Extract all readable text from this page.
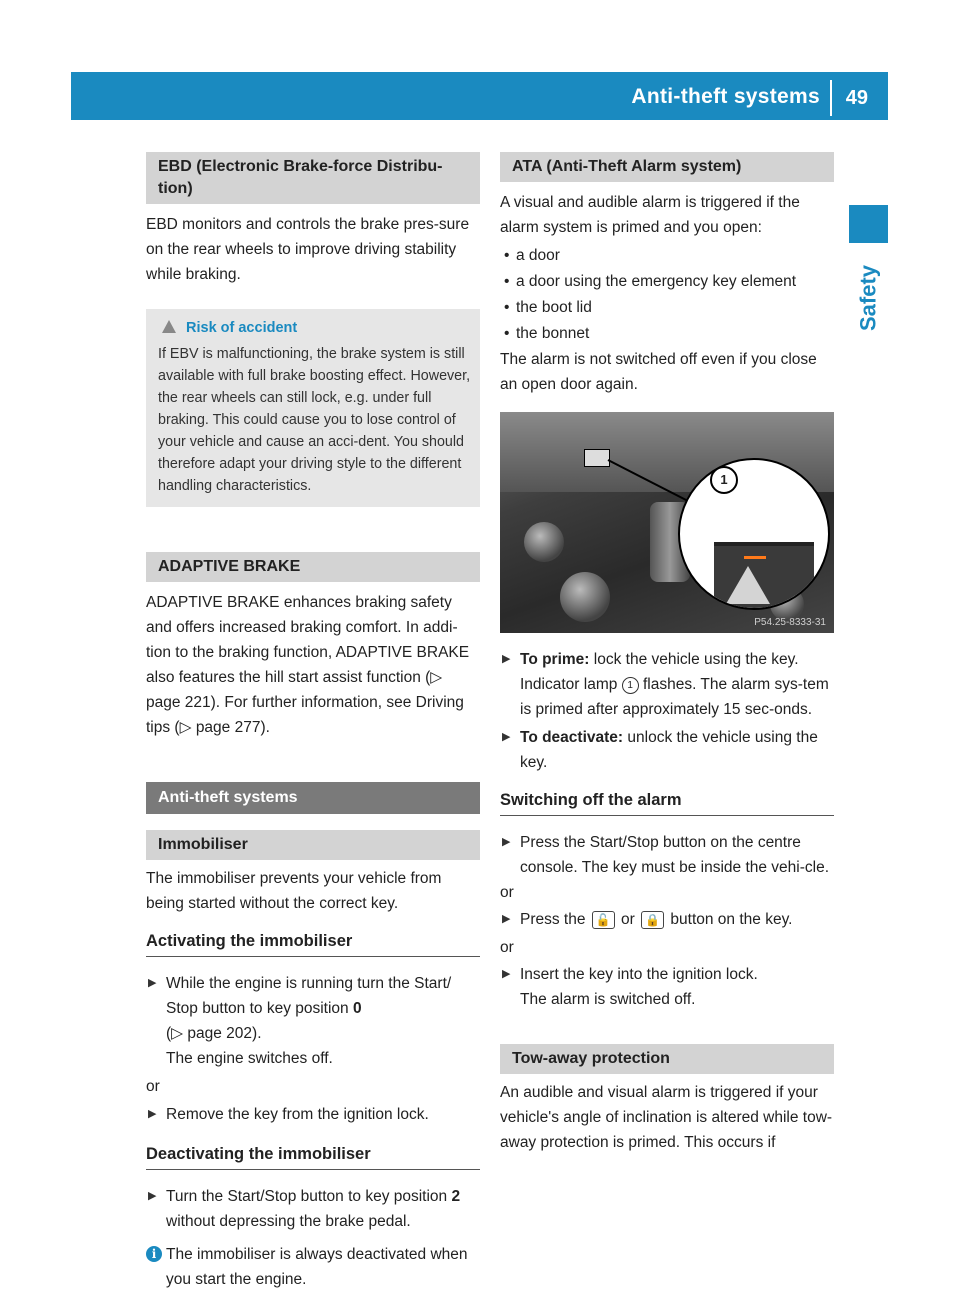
Anti-theft systems 49
Safety
EBD (Electronic Brake-force Distribu-tion)

EBD monitors and controls the brake pres-sure on the rear wheels to improve driving stability while braking.

Risk of accident

If EBV is malfunctioning, the brake system is still available with full brake boosting effect. However, the rear wheels can still lock, e.g. under full braking. This could cause you to lose control of your vehicle and cause an acci-dent. You should therefore adapt your driving style to the different handling characteristics.

ADAPTIVE BRAKE

ADAPTIVE BRAKE enhances braking safety and offers increased braking comfort. In addi-tion to the braking function, ADAPTIVE BRAKE also features the hill start assist function (▷ page 221). For further information, see Driving tips (▷ page 277).

Anti-theft systems
Immobiliser

The immobiliser prevents your vehicle from being started without the correct key.

Activating the immobiliser
▶ While the engine is running turn the Start/ Stop button to key position 0
(▷ page 202).
The engine switches off.

or

▶ Remove the key from the ignition lock.
Deactivating the immobiliser
▶ Turn the Start/Stop button to key position 2 without depressing the brake pedal.
i The immobiliser is always deactivated when you start the engine.
ATA (Anti-Theft Alarm system)

A visual and audible alarm is triggered if the alarm system is primed and you open:

• a door
• a door using the emergency key element
• the boot lid
• the bonnet

The alarm is not switched off even if you close an open door again.

1
P54.25-8333-31
▶ To prime: lock the vehicle using the key.
Indicator lamp 1 flashes. The alarm sys-tem is primed after approximately 15 sec-onds.
▶ To deactivate: unlock the vehicle using the key.
Switching off the alarm
▶ Press the Start/Stop button on the centre console. The key must be inside the vehi-cle.

or

▶ Press the 🔓 or 🔒 button on the key.

or

▶ Insert the key into the ignition lock.
The alarm is switched off.
Tow-away protection

An audible and visual alarm is triggered if your vehicle's angle of inclination is altered while tow-away protection is primed. This occurs if
